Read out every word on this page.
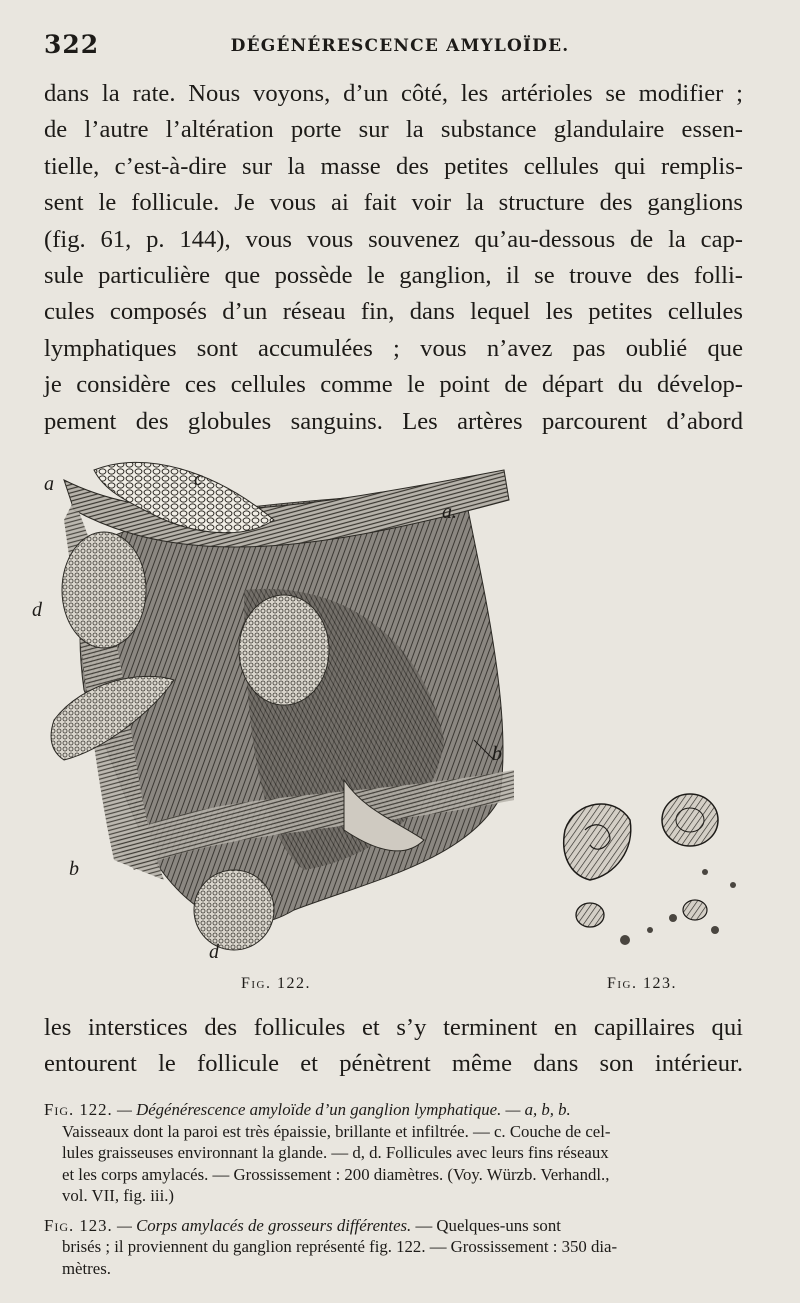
322	DÉGÉNÉRESCENCE AMYLOÏDE.
dans la rate. Nous voyons, d’un côté, les artérioles se modifier ;
de l’autre l’altération porte sur la substance glandulaire essen-
tielle, c’est-à-dire sur la masse des petites cellules qui remplis-
sent le follicule. Je vous ai fait voir la structure des ganglions
(fig. 61, p. 144), vous vous souvenez qu’au-dessous de la cap-
sule particulière que possède le ganglion, il se trouve des folli-
cules composés d’un réseau fin, dans lequel les petites cellules
lymphatiques sont accumulées ; vous n’avez pas oublié que
je considère ces cellules comme le point de départ du dévelop-
pement des globules sanguins. Les artères parcourent d’abord
a	c
a.
d
b
b
d
Fig. 122.	Fig. 123.
les interstices des follicules et s’y terminent en capillaires qui
entourent le follicule et pénètrent même dans son intérieur.
Fig. 122. — Dégénérescence amyloïde d’un ganglion lymphatique. — a, b, b.
Vaisseaux dont la paroi est très épaissie, brillante et infiltrée. — c. Couche de cel-
lules graisseuses environnant la glande. — d, d. Follicules avec leurs fins réseaux
et les corps amylacés. — Grossissement : 200 diamètres. (Voy. Würzb. Verhandl.,
vol. VII, fig. iii.)
Fig. 123. — Corps amylacés de grosseurs différentes. — Quelques-uns sont
brisés ; il proviennent du ganglion représenté fig. 122. — Grossissement : 350 dia-
mètres.
